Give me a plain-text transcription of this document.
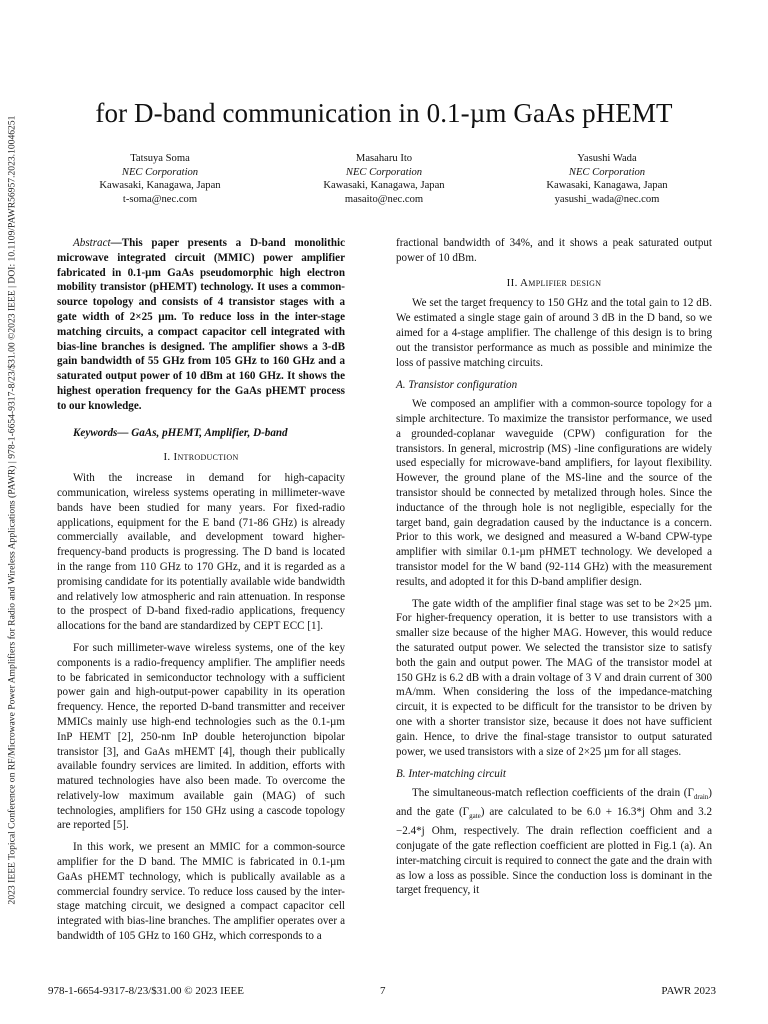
2023 IEEE Topical Conference on RF/Microwave Power Amplifiers for Radio and Wireless Applications (PAWR) | 978-1-6654-9317-8/23/$31.00 ©2023 IEEE | DOI: 10.1109/PAWR56957.2023.10046251
for D-band communication in 0.1-µm GaAs pHEMT
Tatsuya Soma
NEC Corporation
Kawasaki, Kanagawa, Japan
t-soma@nec.com
Masaharu Ito
NEC Corporation
Kawasaki, Kanagawa, Japan
masaito@nec.com
Yasushi Wada
NEC Corporation
Kawasaki, Kanagawa, Japan
yasushi_wada@nec.com

Abstract—This paper presents a D-band monolithic microwave integrated circuit (MMIC) power amplifier fabricated in 0.1-µm GaAs pseudomorphic high electron mobility transistor (pHEMT) technology. It uses a common-source topology and consists of 4 transistor stages with a gate width of 2×25 µm. To reduce loss in the inter-stage matching circuits, a compact capacitor cell integrated with bias-line branches is designed. The amplifier shows a 3-dB gain bandwidth of 55 GHz from 105 GHz to 160 GHz and a saturated output power of 10 dBm at 160 GHz. It shows the highest operation frequency for the GaAs pHEMT process to our knowledge.

Keywords— GaAs, pHEMT, Amplifier, D-band

I. Introduction

With the increase in demand for high-capacity communication, wireless systems operating in millimeter-wave bands have been studied for many years. For fixed-radio applications, equipment for the E band (71-86 GHz) is already commercially available, and development toward higher-frequency-band products is progressing. The D band is located in the range from 110 GHz to 170 GHz, and it is regarded as a promising candidate for its potentially available wide bandwidth and relatively low atmospheric and rain attenuation. In response to the prospect of D-band fixed-radio applications, frequency allocations for the band are standardized by CEPT ECC [1].

For such millimeter-wave wireless systems, one of the key components is a radio-frequency amplifier. The amplifier needs to be fabricated in semiconductor technology with a sufficient power gain and high-output-power capability in its operation frequency. Hence, the reported D-band transmitter and receiver MMICs mainly use high-end technologies such as the 0.1-µm InP HEMT [2], 250-nm InP double heterojunction bipolar transistor [3], and GaAs mHEMT [4], though their publically available foundry services are limited. In addition, efforts with matured technologies have also been made. To overcome the relatively-low maximum available gain (MAG) of such technologies, amplifiers for 150 GHz using a cascode topology are reported [5].

In this work, we present an MMIC for a common-source amplifier for the D band. The MMIC is fabricated in 0.1-µm GaAs pHEMT technology, which is publically available as a commercial foundry service. To reduce loss caused by the inter-stage matching circuit, we designed a compact capacitor cell integrated with bias-line branches. The amplifier operates over a bandwidth of 105 GHz to 160 GHz, which corresponds to a

fractional bandwidth of 34%, and it shows a peak saturated output power of 10 dBm.

II. Amplifier design

We set the target frequency to 150 GHz and the total gain to 12 dB. We estimated a single stage gain of around 3 dB in the D band, so we aimed for a 4-stage amplifier. The challenge of this design is to bring out the transistor performance as much as possible and minimize the loss of passive matching circuits.

A. Transistor configuration

We composed an amplifier with a common-source topology for a simple architecture. To maximize the transistor performance, we used a grounded-coplanar waveguide (CPW) configuration for the transistors. In general, microstrip (MS) -line configurations are widely used especially for microwave-band amplifiers, for layout flexibility. However, the ground plane of the MS-line and the source of the transistor should be connected by metalized through holes. Since the inductance of the through hole is not negligible, especially for the target band, gain degradation caused by the inductance is a concern. Prior to this work, we designed and measured a W-band CPW-type amplifier with similar 0.1-µm pHMET technology. We developed a transistor model for the W band (92-114 GHz) with the measurement results, and adopted it for this D-band amplifier design.

The gate width of the amplifier final stage was set to be 2×25 µm. For higher-frequency operation, it is better to use transistors with a smaller size because of the higher MAG. However, this would reduce the saturated output power. We selected the transistor size to satisfy both the gain and output power. The MAG of the transistor model at 150 GHz is 6.2 dB with a drain voltage of 3 V and drain current of 300 mA/mm. When considering the loss of the impedance-matching circuit, it is expected to be difficult for the transistor to be driven by one with a shorter transistor size, because it does not have sufficient gain. Hence, to drive the final-stage transistor to output saturated power, we used transistors with a size of 2×25 µm for all stages.

B. Inter-matching circuit

The simultaneous-match reflection coefficients of the drain $(\Gamma_{drain})$ and the gate $(\Gamma_{gate})$ are calculated to be 6.0 + 16.3*j Ohm and 3.2 −2.4*j Ohm, respectively. The drain reflection coefficient and a conjugate of the gate reflection coefficient are plotted in Fig.1 (a). An inter-matching circuit is required to connect the gate and the drain with as low a loss as possible. Since the conduction loss is dominant in the target frequency, it

978-1-6654-9317-8/23/$31.00 © 2023 IEEE	7	PAWR 2023
